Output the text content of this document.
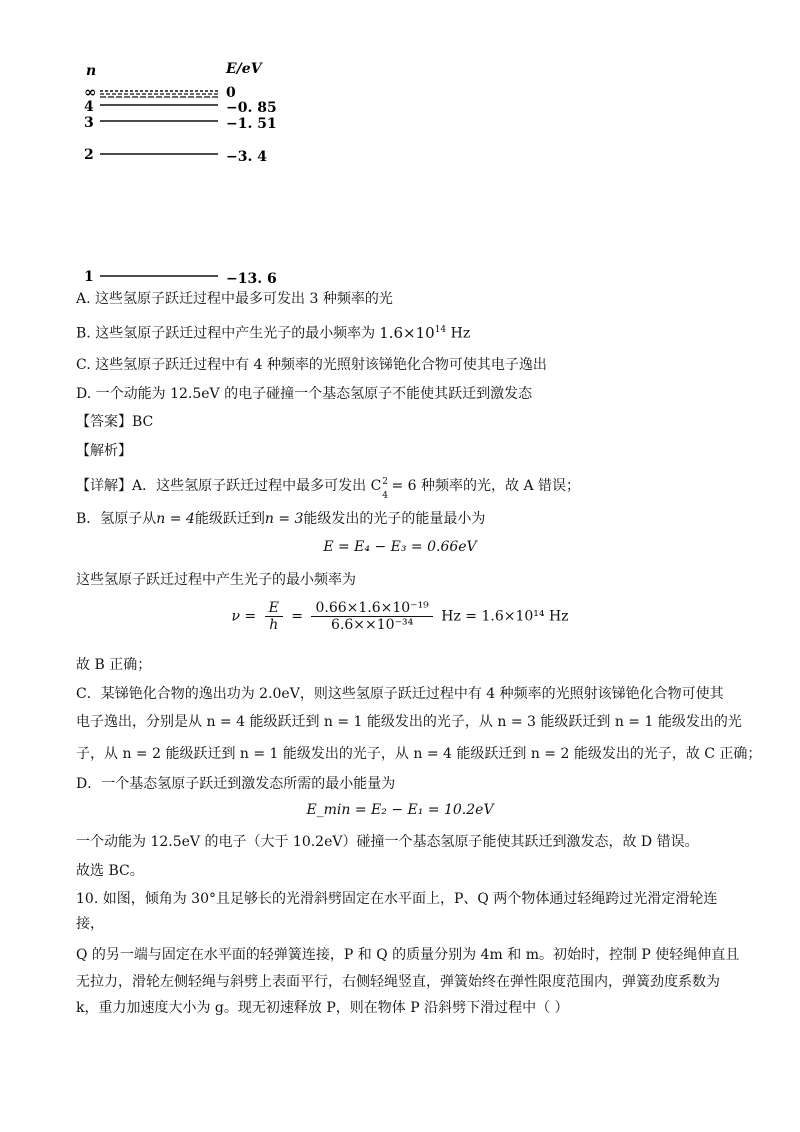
n	E/eV
∞	0
4	−0. 85
3	−1. 51
2	−3. 4
1	−13. 6
A. 这些氢原子跃迁过程中最多可发出 3 种频率的光
B. 这些氢原子跃迁过程中产生光子的最小频率为 $1.6\times 10^{14}$ Hz
C. 这些氢原子跃迁过程中有 4 种频率的光照射该锑铯化合物可使其电子逸出
D. 一个动能为 12.5eV 的电子碰撞一个基态氢原子不能使其跃迁到激发态
【答案】BC
【解析】
【详解】A．这些氢原子跃迁过程中最多可发出 C 2
$_4$ = 6 种频率的光，故 A 错误；
B．氢原子从n = 4能级跃迁到n = 3能级发出的光子的能量最小为
E = E₄ − E₃ = 0.66eV
这些氢原子跃迁过程中产生光子的最小频率为
$\nu = \frac{E}{h} = \frac{\text{0.66×1.6×10⁻¹⁹}}{\text{6.6××10⁻³⁴}}$ Hz = 1.6×10¹⁴ Hz
故 B 正确；
C．某锑铯化合物的逸出功为 2.0eV，则这些氢原子跃迁过程中有 4 种频率的光照射该锑铯化合物可使其
电子逸出，分别是从 n = 4 能级跃迁到 n = 1 能级发出的光子，从 n = 3 能级跃迁到 n = 1 能级发出的光
子，从 n = 2 能级跃迁到 n = 1 能级发出的光子，从 n = 4 能级跃迁到 n = 2 能级发出的光子，故 C 正确；
D．一个基态氢原子跃迁到激发态所需的最小能量为
E_min = E₂ − E₁ = 10.2eV
一个动能为 12.5eV 的电子（大于 10.2eV）碰撞一个基态氢原子能使其跃迁到激发态，故 D 错误。
故选 BC。
10. 如图，倾角为 30°且足够长的光滑斜劈固定在水平面上，P、Q 两个物体通过轻绳跨过光滑定滑轮连
接，
Q 的另一端与固定在水平面的轻弹簧连接，P 和 Q 的质量分别为 4m 和 m。初始时，控制 P 使轻绳伸直且
无拉力，滑轮左侧轻绳与斜劈上表面平行，右侧轻绳竖直，弹簧始终在弹性限度范围内，弹簧劲度系数为
k，重力加速度大小为 g。现无初速释放 P，则在物体 P 沿斜劈下滑过程中（ ）
